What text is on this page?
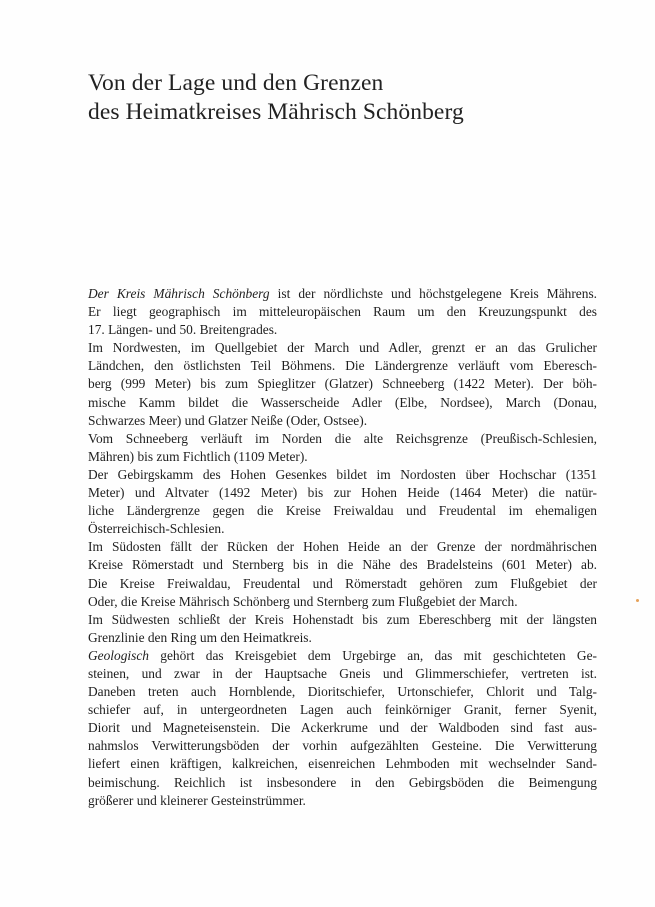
Von der Lage und den Grenzen
des Heimatkreises Mährisch Schönberg
Der Kreis Mährisch Schönberg ist der nördlichste und höchstgelegene Kreis Mährens.
Er liegt geographisch im mitteleuropäischen Raum um den Kreuzungspunkt des
17. Längen- und 50. Breitengrades.
Im Nordwesten, im Quellgebiet der March und Adler, grenzt er an das Grulicher
Ländchen, den östlichsten Teil Böhmens. Die Ländergrenze verläuft vom Eberesch-
berg (999 Meter) bis zum Spieglitzer (Glatzer) Schneeberg (1422 Meter). Der böh-
mische Kamm bildet die Wasserscheide Adler (Elbe, Nordsee), March (Donau,
Schwarzes Meer) und Glatzer Neiße (Oder, Ostsee).
Vom Schneeberg verläuft im Norden die alte Reichsgrenze (Preußisch-Schlesien,
Mähren) bis zum Fichtlich (1109 Meter).
Der Gebirgskamm des Hohen Gesenkes bildet im Nordosten über Hochschar (1351
Meter) und Altvater (1492 Meter) bis zur Hohen Heide (1464 Meter) die natür-
liche Ländergrenze gegen die Kreise Freiwaldau und Freudental im ehemaligen
Österreichisch-Schlesien.
Im Südosten fällt der Rücken der Hohen Heide an der Grenze der nordmährischen
Kreise Römerstadt und Sternberg bis in die Nähe des Bradelsteins (601 Meter) ab.
Die Kreise Freiwaldau, Freudental und Römerstadt gehören zum Flußgebiet der
Oder, die Kreise Mährisch Schönberg und Sternberg zum Flußgebiet der March.
Im Südwesten schließt der Kreis Hohenstadt bis zum Ebereschberg mit der längsten
Grenzlinie den Ring um den Heimatkreis.
Geologisch gehört das Kreisgebiet dem Urgebirge an, das mit geschichteten Ge-
steinen, und zwar in der Hauptsache Gneis und Glimmerschiefer, vertreten ist.
Daneben treten auch Hornblende, Dioritschiefer, Urtonschiefer, Chlorit und Talg-
schiefer auf, in untergeordneten Lagen auch feinkörniger Granit, ferner Syenit,
Diorit und Magneteisenstein. Die Ackerkrume und der Waldboden sind fast aus-
nahmslos Verwitterungsböden der vorhin aufgezählten Gesteine. Die Verwitterung
liefert einen kräftigen, kalkreichen, eisenreichen Lehmboden mit wechselnder Sand-
beimischung. Reichlich ist insbesondere in den Gebirgsböden die Beimengung
größerer und kleinerer Gesteinstrümmer.
